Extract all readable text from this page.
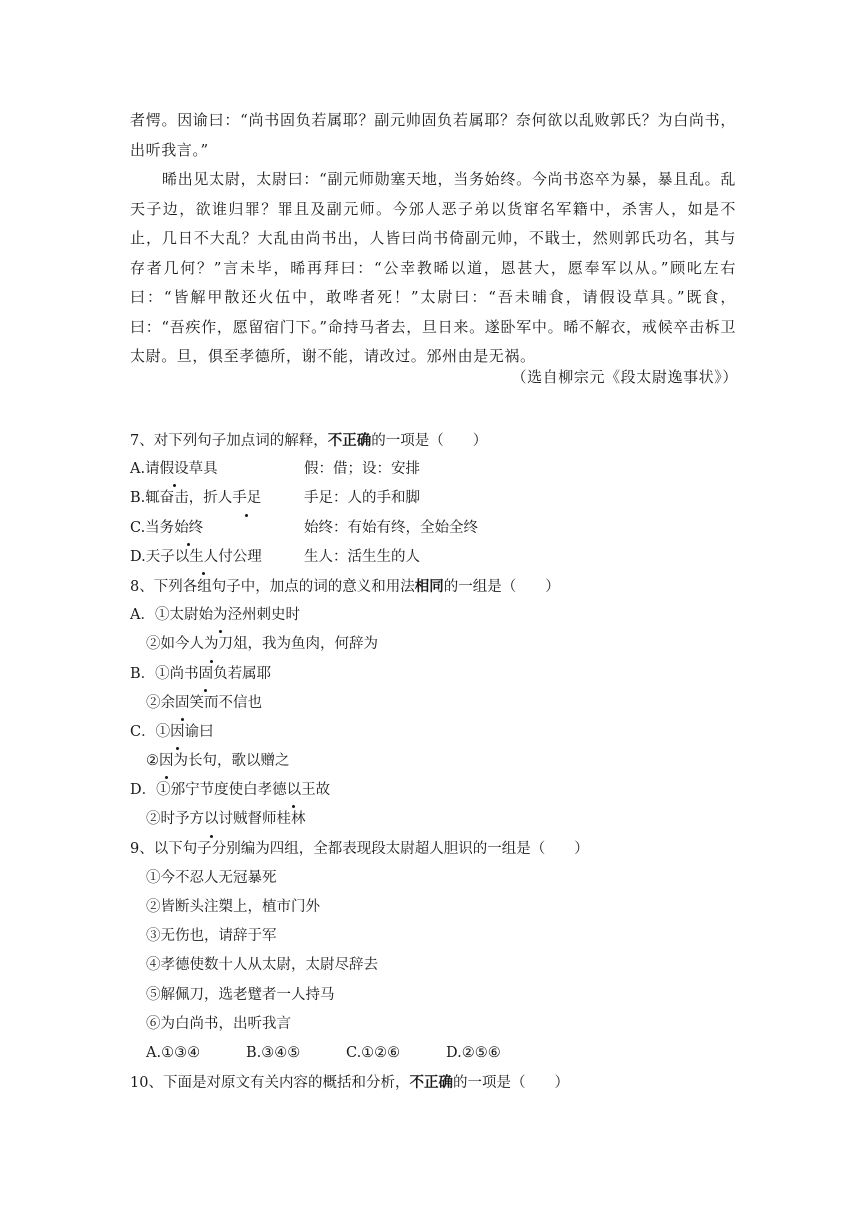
者愕。因谕曰：“尚书固负若属耶？副元帅固负若属耶？奈何欲以乱败郭氏？为白尚书，出听我言。”

晞出见太尉，太尉曰：“副元师勋塞天地，当务始终。今尚书恣卒为暴，暴且乱。乱天子边，欲谁归罪？罪且及副元师。今邠人恶子弟以货窜名军籍中，杀害人，如是不止，几日不大乱？大乱由尚书出，人皆曰尚书倚副元帅，不戢士，然则郭氏功名，其与存者几何？”言未毕，晞再拜曰：“公幸教晞以道，恩甚大，愿奉军以从。”顾叱左右曰：“皆解甲散还火伍中，敢哗者死！”太尉曰：“吾未晡食，请假设草具。”既食，曰：“吾疾作，愿留宿门下。”命持马者去，旦日来。遂卧军中。晞不解衣，戒候卒击柝卫太尉。旦，俱至孝德所，谢不能，请改过。邠州由是无祸。

（选自柳宗元《段太尉逸事状》）
7、对下列句子加点词的解释，不正确的一项是（　　）
A.请假设草具	假：借；设：安排
B.辄奋击，折人手足	手足：人的手和脚
C.当务始终	始终：有始有终，全始全终
D.天子以生人付公理	生人：活生生的人
8、下列各组句子中，加点的词的意义和用法相同的一组是（　　）
A．①太尉始为泾州刺史时
②如今人为刀俎，我为鱼肉，何辞为
B．①尚书固负若属耶
②余固笑而不信也
C．①因谕曰
②因为长句，歌以赠之
D．①邠宁节度使白孝德以王故
②时予方以讨贼督师桂林
9、以下句子分别编为四组，全都表现段太尉超人胆识的一组是（　　）
①今不忍人无冠暴死
②皆断头注槊上，植市门外
③无伤也，请辞于军
④孝德使数十人从太尉，太尉尽辞去
⑤解佩刀，选老躄者一人持马
⑥为白尚书，出听我言
A.①③④	B.③④⑤	C.①②⑥	D.②⑤⑥
10、下面是对原文有关内容的概括和分析，不正确的一项是（　　）
